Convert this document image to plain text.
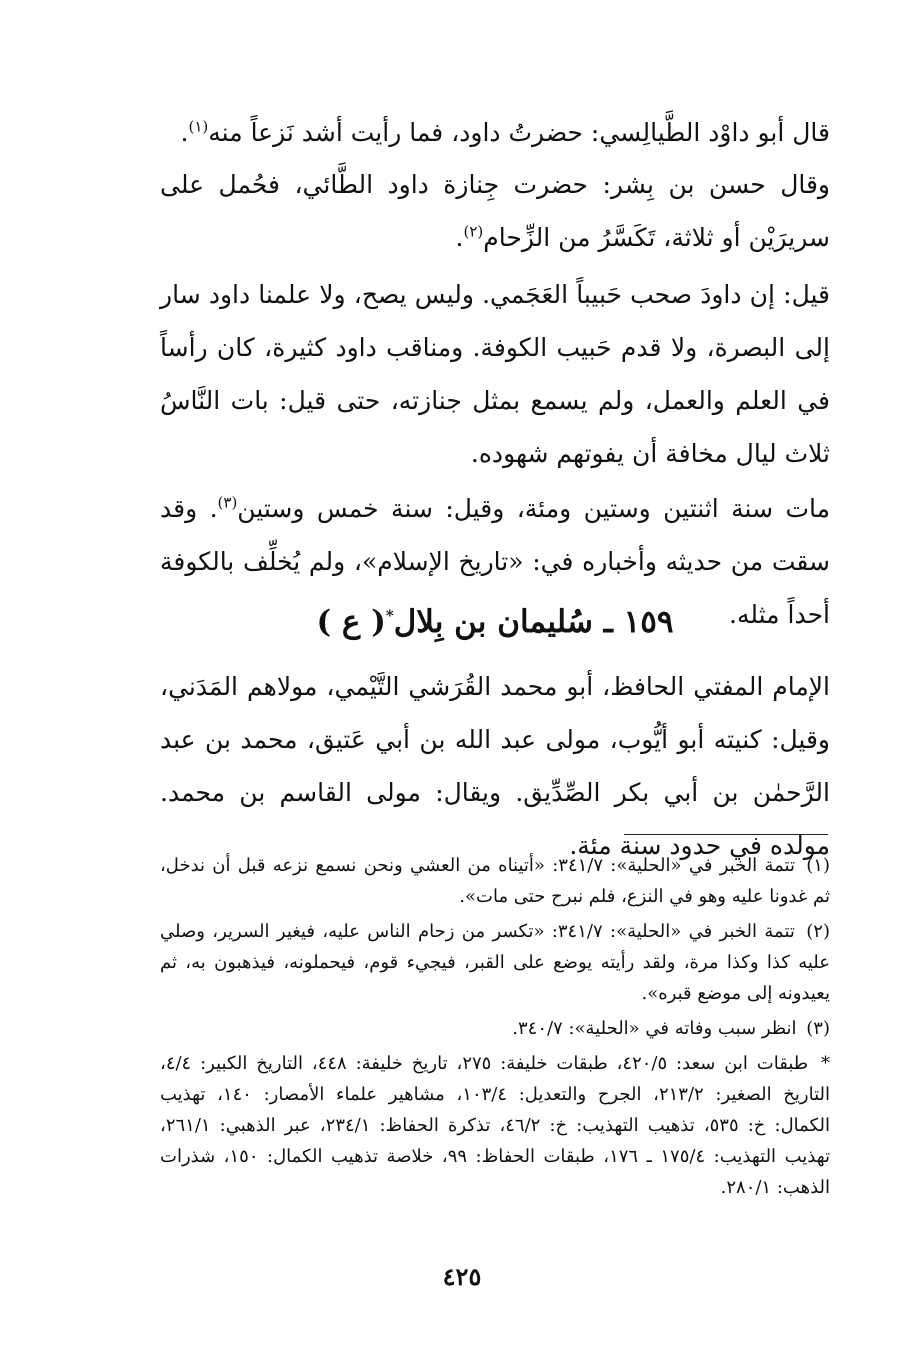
قال أبو داوْد الطَّيالِسي: حضرتُ داود، فما رأيت أشد نَزعاً منه$^{(١)}$.

وقال حسن بن بِشر: حضرت جِنازة داود الطَّائي، فحُمل على سريرَيْن أو ثلاثة، تَكَسَّرُ من الزِّحام$^{(٢)}$.

قيل: إن داودَ صحب حَبيباً العَجَمي. وليس يصح، ولا علمنا داود سار إلى البصرة، ولا قدم حَبيب الكوفة. ومناقب داود كثيرة، كان رأساً في العلم والعمل، ولم يسمع بمثل جنازته، حتى قيل: بات النَّاسُ ثلاث ليال مخافة أن يفوتهم شهوده.

مات سنة اثنتين وستين ومئة، وقيل: سنة خمس وستين$^{(٣)}$. وقد سقت من حديثه وأخباره في: «تاريخ الإسلام»، ولم يُخلِّف بالكوفة أحداً مثله.

١٥٩ ـ سُليمان بن بِلال*( ع )

الإمام المفتي الحافظ، أبو محمد القُرَشي التَّيْمي، مولاهم المَدَني، وقيل: كنيته أبو أيُّوب، مولى عبد الله بن أبي عَتيق، محمد بن عبد الرَّحمٰن بن أبي بكر الصِّدِّيق. ويقال: مولى القاسم بن محمد. مولده في حدود سنة مئة.

(١) تتمة الخبر في «الحلية»: ٣٤١/٧: «أتيناه من العشي ونحن نسمع نزعه قبل أن ندخل، ثم غدونا عليه وهو في النزع، فلم نبرح حتى مات».

(٢) تتمة الخبر في «الحلية»: ٣٤١/٧: «تكسر من زحام الناس عليه، فيغير السرير، وصلي عليه كذا وكذا مرة، ولقد رأيته يوضع على القبر، فيجيء قوم، فيحملونه، فيذهبون به، ثم يعيدونه إلى موضع قبره».

(٣) انظر سبب وفاته في «الحلية»: ٣٤٠/٧.

* طبقات ابن سعد: ٤٢٠/٥، طبقات خليفة: ٢٧٥، تاريخ خليفة: ٤٤٨، التاريخ الكبير: ٤/٤، التاريخ الصغير: ٢١٣/٢، الجرح والتعديل: ١٠٣/٤، مشاهير علماء الأمصار: ١٤٠، تهذيب الكمال: خ: ٥٣٥، تذهيب التهذيب: خ: ٤٦/٢، تذكرة الحفاظ: ٢٣٤/١، عبر الذهبي: ٢٦١/١، تهذيب التهذيب: ١٧٥/٤ ـ ١٧٦، طبقات الحفاظ: ٩٩، خلاصة تذهيب الكمال: ١٥٠، شذرات الذهب: ٢٨٠/١.

٤٢٥
